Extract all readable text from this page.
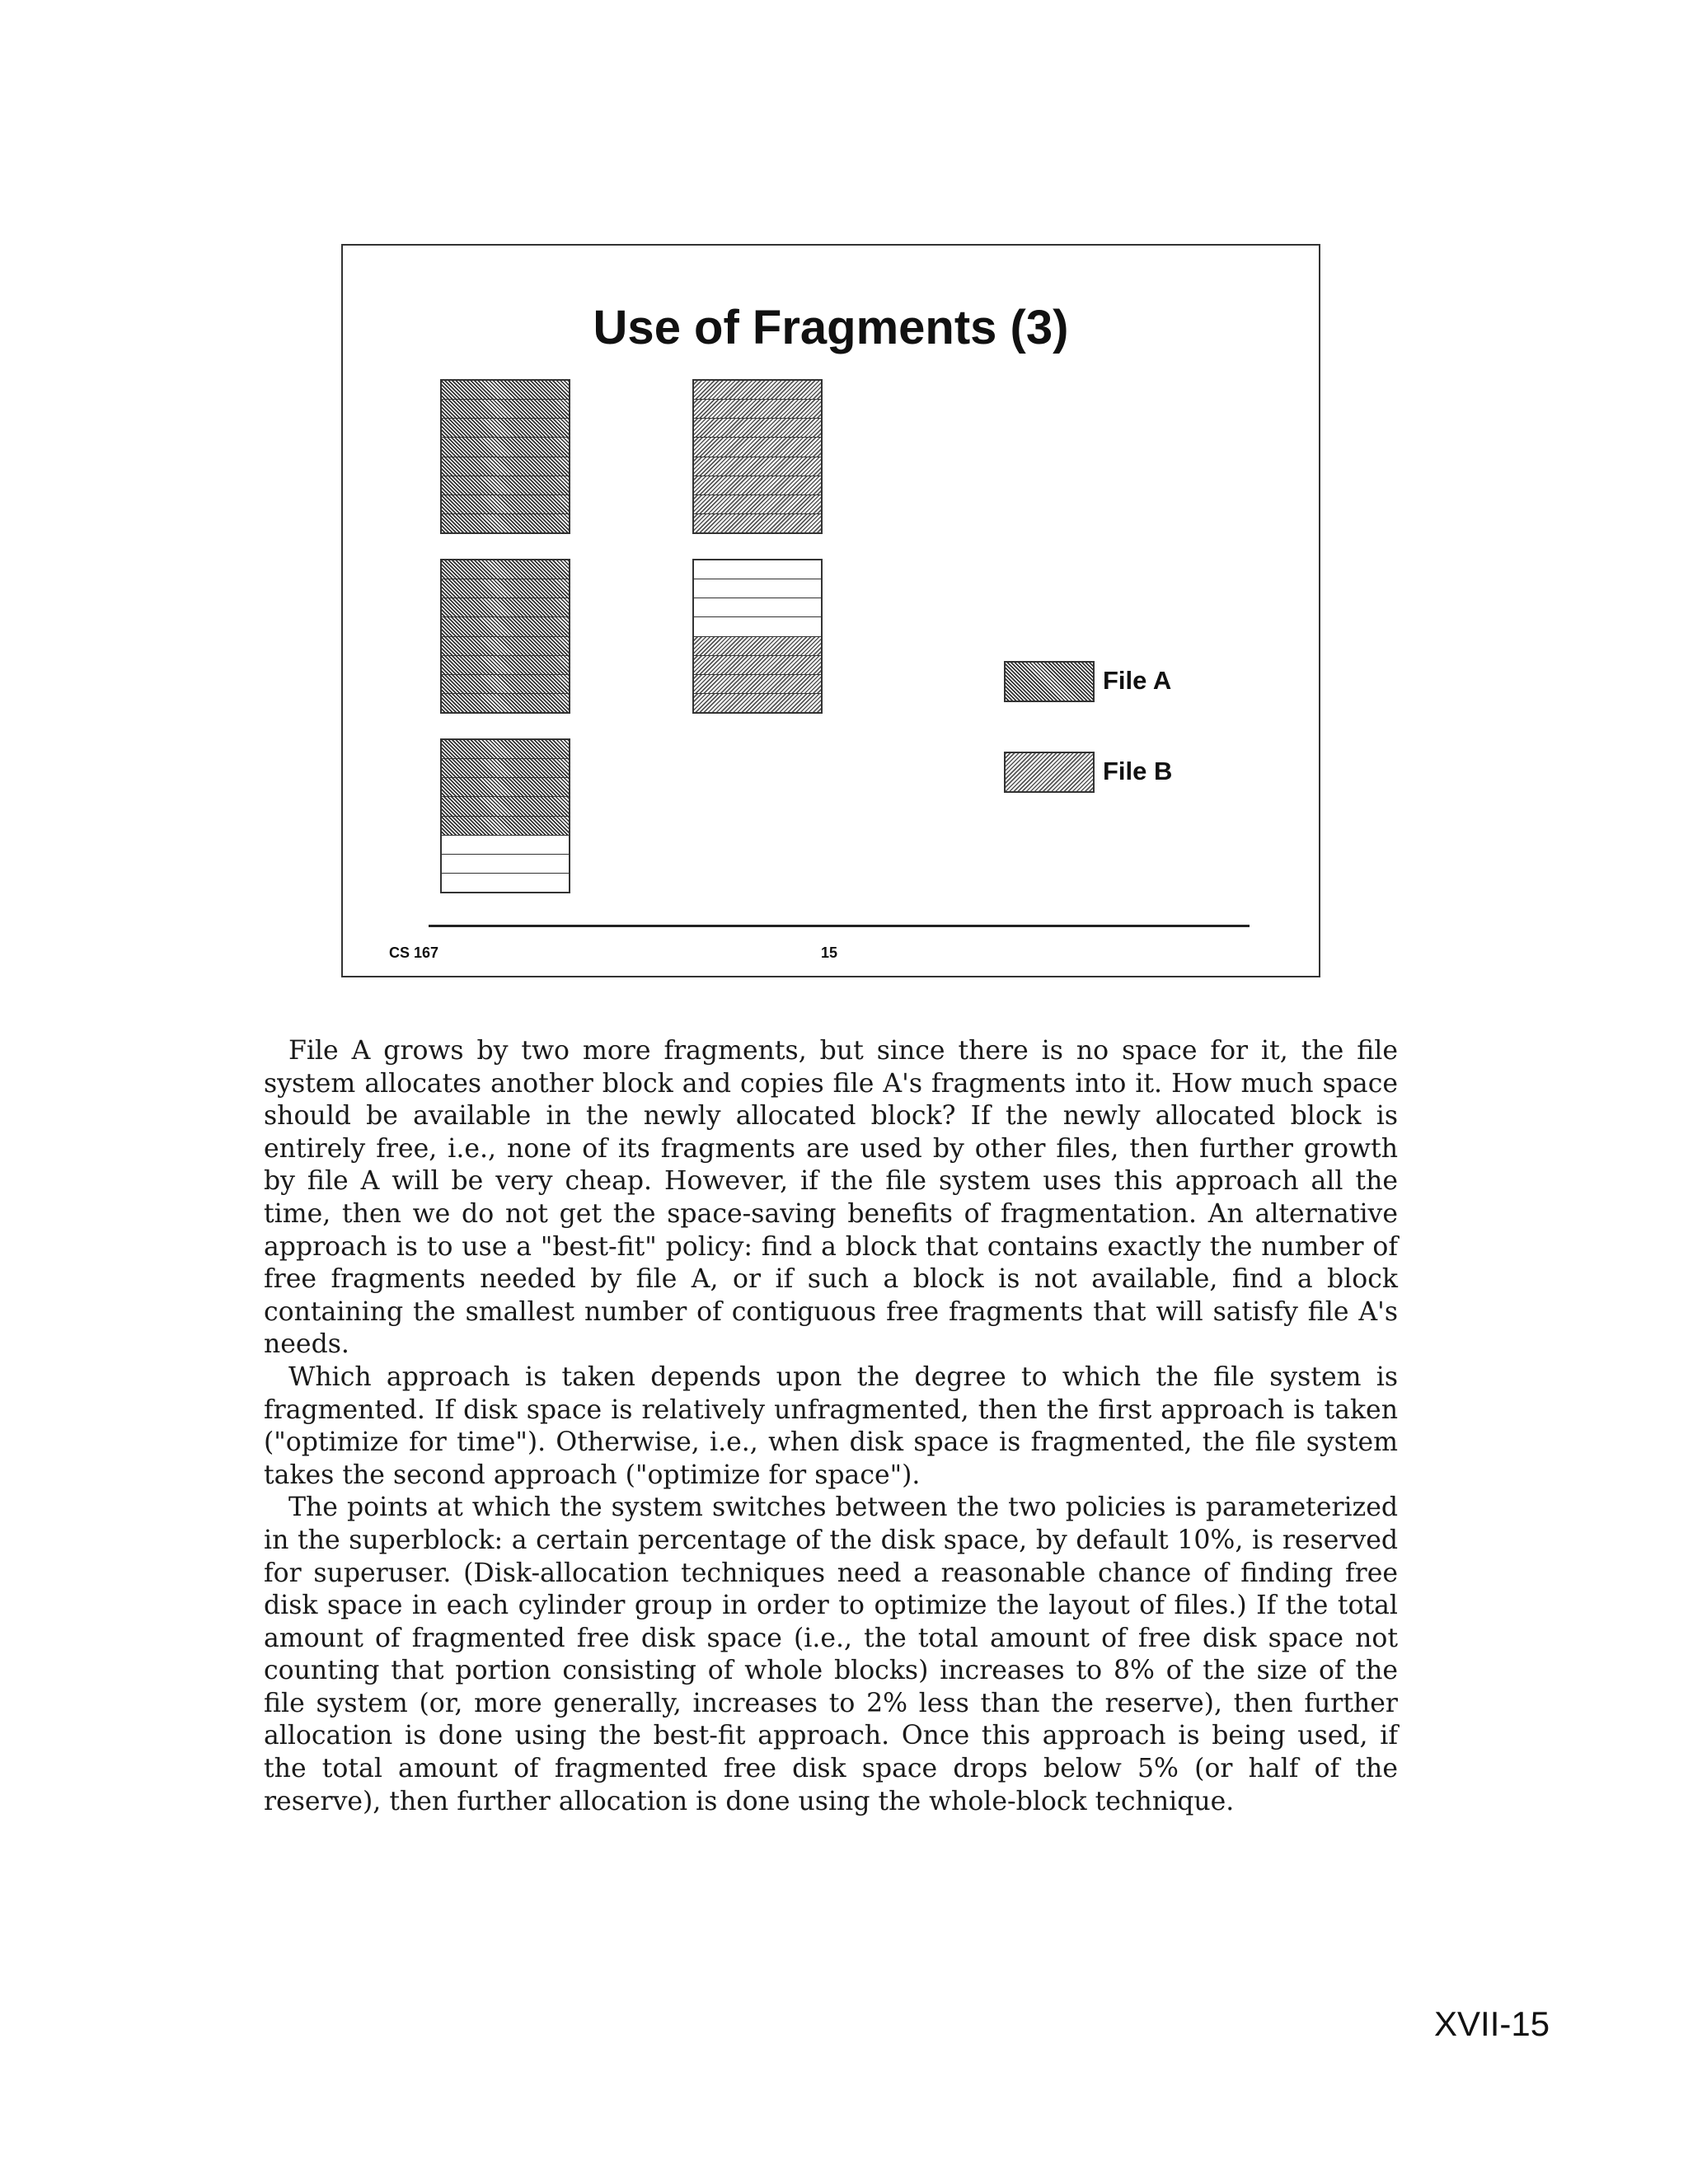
Use of Fragments (3)
File A
File B
CS 167	15

File A grows by two more fragments, but since there is no space for it, the file system allocates another block and copies file A's fragments into it. How much space should be available in the newly allocated block? If the newly allocated block is entirely free, i.e., none of its fragments are used by other files, then further growth by file A will be very cheap. However, if the file system uses this approach all the time, then we do not get the space-saving benefits of fragmentation. An alternative approach is to use a "best-fit" policy: find a block that contains exactly the number of free fragments needed by file A, or if such a block is not available, find a block containing the smallest number of contiguous free fragments that will satisfy file A's needs.

Which approach is taken depends upon the degree to which the file system is fragmented. If disk space is relatively unfragmented, then the first approach is taken ("optimize for time"). Otherwise, i.e., when disk space is fragmented, the file system takes the second approach ("optimize for space").

The points at which the system switches between the two policies is parameterized in the superblock: a certain percentage of the disk space, by default 10%, is reserved for superuser. (Disk-allocation techniques need a reasonable chance of finding free disk space in each cylinder group in order to optimize the layout of files.) If the total amount of fragmented free disk space (i.e., the total amount of free disk space not counting that portion consisting of whole blocks) increases to 8% of the size of the file system (or, more generally, increases to 2% less than the reserve), then further allocation is done using the best-fit approach. Once this approach is being used, if the total amount of fragmented free disk space drops below 5% (or half of the reserve), then further allocation is done using the whole-block technique.

XVII-15
